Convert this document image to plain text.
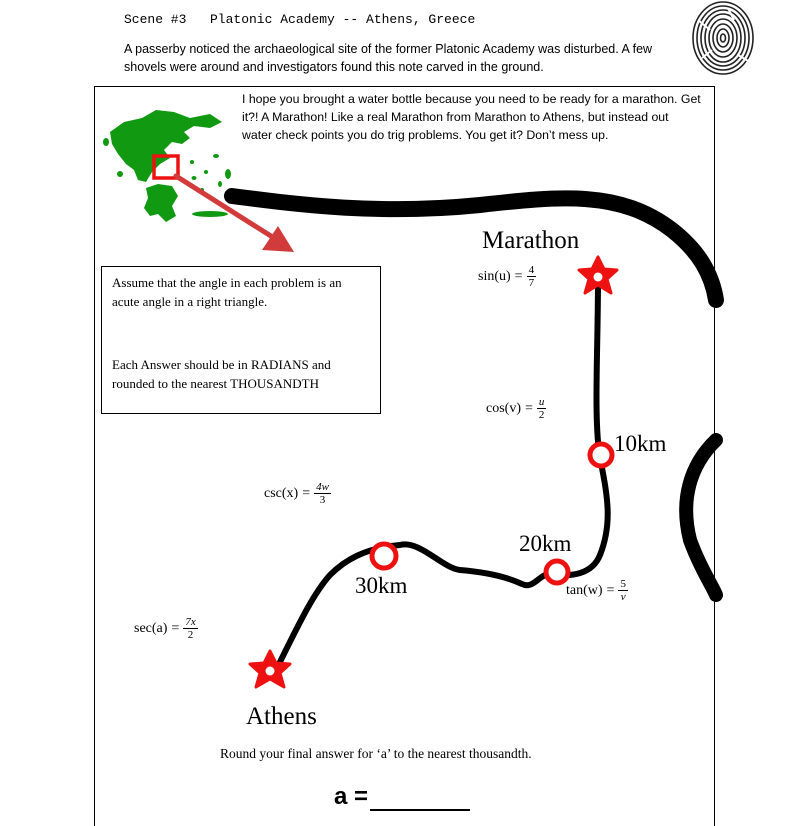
Scene #3 Platonic Academy -- Athens, Greece
A passerby noticed the archaeological site of the former Platonic Academy was disturbed. A few shovels were around and investigators found this note carved in the ground.
I hope you brought a water bottle because you need to be ready for a marathon. Get it?! A Marathon! Like a real Marathon from Marathon to Athens, but instead out water check points you do trig problems. You get it? Don’t mess up.

Assume that the angle in each problem is an acute angle in a right triangle.

Each Answer should be in RADIANS and rounded to the nearest THOUSANDTH

Marathon
Athens
10km
20km
30km
$\sin(u) = \frac{4}{7}$
$\cos(v) = \frac{u}{2}$
$\csc(x) = \frac{4w}{3}$
$\tan(w) = \frac{5}{v}$
$\sec(a) = \frac{7x}{2}$
Round your final answer for ‘a’ to the nearest thousandth.
a =
